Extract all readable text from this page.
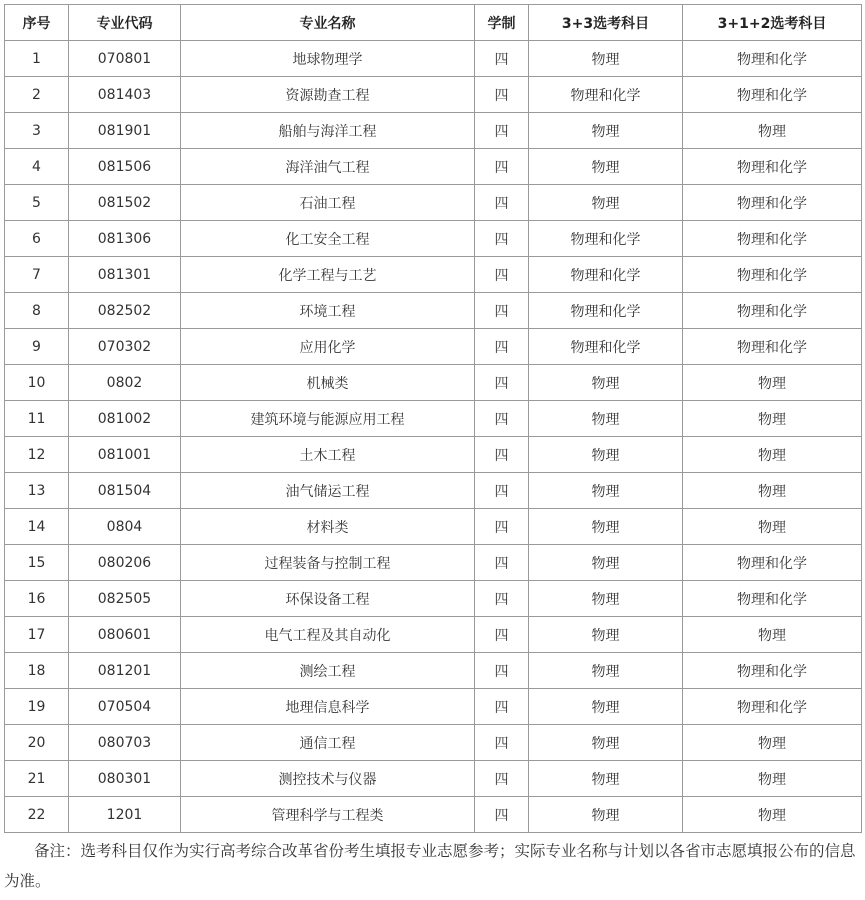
序号	专业代码	专业名称	学制	3+3选考科目	3+1+2选考科目
1	070801	地球物理学	四	物理	物理和化学
2	081403	资源勘查工程	四	物理和化学	物理和化学
3	081901	船舶与海洋工程	四	物理	物理
4	081506	海洋油气工程	四	物理	物理和化学
5	081502	石油工程	四	物理	物理和化学
6	081306	化工安全工程	四	物理和化学	物理和化学
7	081301	化学工程与工艺	四	物理和化学	物理和化学
8	082502	环境工程	四	物理和化学	物理和化学
9	070302	应用化学	四	物理和化学	物理和化学
10	0802	机械类	四	物理	物理
11	081002	建筑环境与能源应用工程	四	物理	物理
12	081001	土木工程	四	物理	物理
13	081504	油气储运工程	四	物理	物理
14	0804	材料类	四	物理	物理
15	080206	过程装备与控制工程	四	物理	物理和化学
16	082505	环保设备工程	四	物理	物理和化学
17	080601	电气工程及其自动化	四	物理	物理
18	081201	测绘工程	四	物理	物理和化学
19	070504	地理信息科学	四	物理	物理和化学
20	080703	通信工程	四	物理	物理
21	080301	测控技术与仪器	四	物理	物理
22	1201	管理科学与工程类	四	物理	物理
备注：选考科目仅作为实行高考综合改革省份考生填报专业志愿参考；实际专业名称与计划以各省市志愿填报公布的信息为准。
